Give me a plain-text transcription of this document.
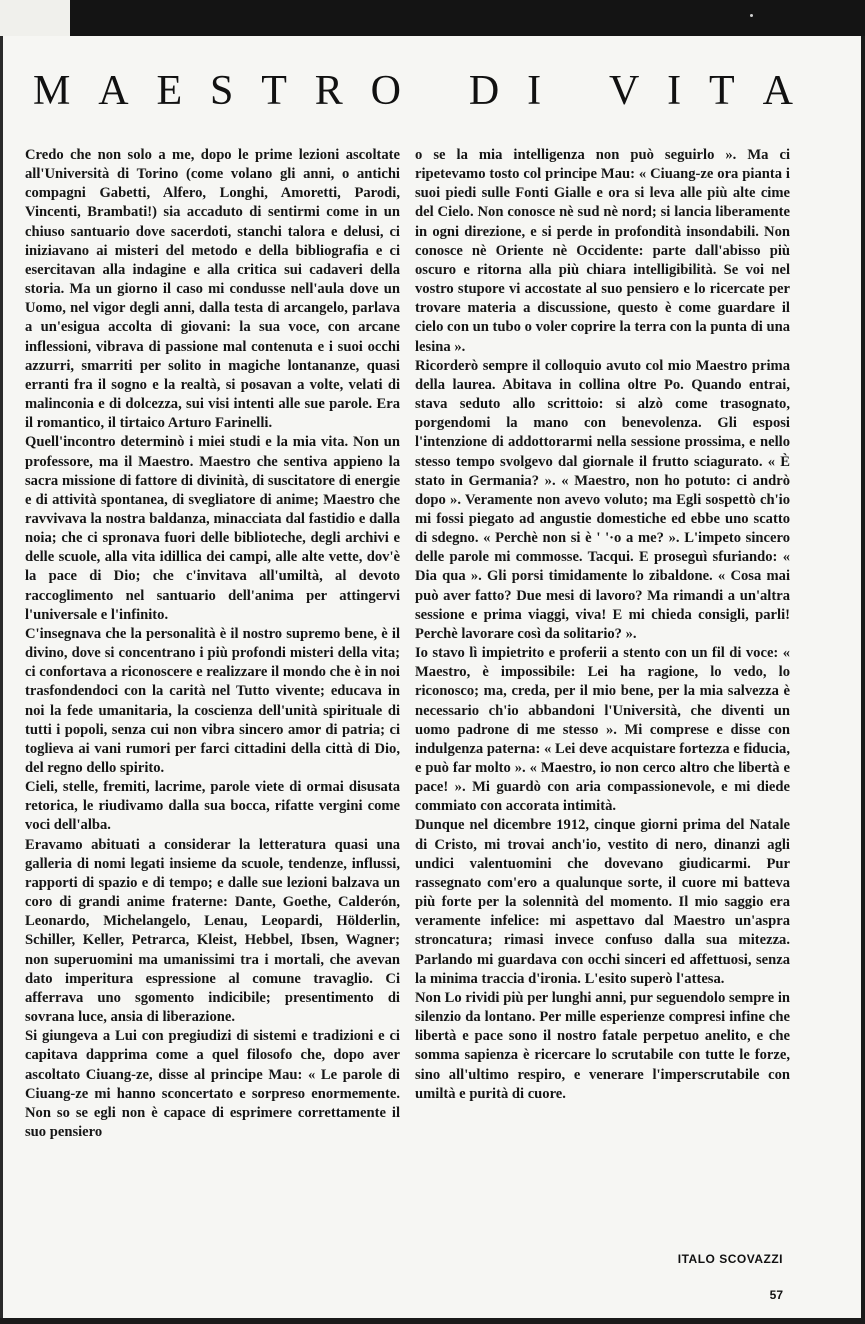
M A E S T R O D I V I T A

Credo che non solo a me, dopo le prime lezioni ascoltate all'Università di Torino (come volano gli anni, o antichi compagni Gabetti, Alfero, Longhi, Amoretti, Parodi, Vincenti, Brambati!) sia accaduto di sentirmi come in un chiuso santuario dove sacerdoti, stanchi talora e delusi, ci iniziavano ai misteri del metodo e della bibliografia e ci esercitavan alla indagine e alla critica sui cadaveri della storia. Ma un giorno il caso mi condusse nell'aula dove un Uomo, nel vigor degli anni, dalla testa di arcangelo, parlava a un'esigua accolta di giovani: la sua voce, con arcane inflessioni, vibrava di passione mal contenuta e i suoi occhi azzurri, smarriti per solito in magiche lontananze, quasi erranti fra il sogno e la realtà, si posavan a volte, velati di malinconia e di dolcezza, sui visi intenti alle sue parole. Era il romantico, il tirtaico Arturo Farinelli.

Quell'incontro determinò i miei studi e la mia vita. Non un professore, ma il Maestro. Maestro che sentiva appieno la sacra missione di fattore di divinità, di suscitatore di energie e di attività spontanea, di svegliatore di anime; Maestro che ravvivava la nostra baldanza, minacciata dal fastidio e dalla noia; che ci spronava fuori delle biblioteche, degli archivi e delle scuole, alla vita idillica dei campi, alle alte vette, dov'è la pace di Dio; che c'invitava all'umiltà, al devoto raccoglimento nel santuario dell'anima per attingervi l'universale e l'infinito.

C'insegnava che la personalità è il nostro supremo bene, è il divino, dove si concentrano i più profondi misteri della vita; ci confortava a riconoscere e realizzare il mondo che è in noi trasfondendoci con la carità nel Tutto vivente; educava in noi la fede umanitaria, la coscienza dell'unità spirituale di tutti i popoli, senza cui non vibra sincero amor di patria; ci toglieva ai vani rumori per farci cittadini della città di Dio, del regno dello spirito.

Cieli, stelle, fremiti, lacrime, parole viete di ormai disusata retorica, le riudivamo dalla sua bocca, rifatte vergini come voci dell'alba.

Eravamo abituati a considerar la letteratura quasi una galleria di nomi legati insieme da scuole, tendenze, influssi, rapporti di spazio e di tempo; e dalle sue lezioni balzava un coro di grandi anime fraterne: Dante, Goethe, Calderón, Leonardo, Michelangelo, Lenau, Leopardi, Hölderlin, Schiller, Keller, Petrarca, Kleist, Hebbel, Ibsen, Wagner; non superuomini ma umanissimi tra i mortali, che avevan dato imperitura espressione al comune travaglio. Ci afferrava uno sgomento indicibile; presentimento di sovrana luce, ansia di liberazione.

Si giungeva a Lui con pregiudizi di sistemi e tradizioni e ci capitava dapprima come a quel filosofo che, dopo aver ascoltato Ciuang-ze, disse al principe Mau: « Le parole di Ciuang-ze mi hanno sconcertato e sorpreso enormemente. Non so se egli non è capace di esprimere correttamente il suo pensiero

o se la mia intelligenza non può seguirlo ». Ma ci ripetevamo tosto col principe Mau: « Ciuang-ze ora pianta i suoi piedi sulle Fonti Gialle e ora si leva alle più alte cime del Cielo. Non conosce nè sud nè nord; si lancia liberamente in ogni direzione, e si perde in profondità insondabili. Non conosce nè Oriente nè Occidente: parte dall'abisso più oscuro e ritorna alla più chiara intelligibilità. Se voi nel vostro stupore vi accostate al suo pensiero e lo ricercate per trovare materia a discussione, questo è come guardare il cielo con un tubo o voler coprire la terra con la punta di una lesina ».

Ricorderò sempre il colloquio avuto col mio Maestro prima della laurea. Abitava in collina oltre Po. Quando entrai, stava seduto allo scrittoio: si alzò come trasognato, porgendomi la mano con benevolenza. Gli esposi l'intenzione di addottorarmi nella sessione prossima, e nello stesso tempo svolgevo dal giornale il frutto sciagurato. « È stato in Germania? ». « Maestro, non ho potuto: ci andrò dopo ». Veramente non avevo voluto; ma Egli sospettò ch'io mi fossi piegato ad angustie domestiche ed ebbe uno scatto di sdegno. « Perchè non si è ' '·o a me? ». L'impeto sincero delle parole mi commosse. Tacqui. E proseguì sfuriando: « Dia qua ». Gli porsi timidamente lo zibaldone. « Cosa mai può aver fatto? Due mesi di lavoro? Ma rimandi a un'altra sessione e prima viaggi, viva! E mi chieda consigli, parli! Perchè lavorare così da solitario? ».

Io stavo lì impietrito e proferii a stento con un fil di voce: « Maestro, è impossibile: Lei ha ragione, lo vedo, lo riconosco; ma, creda, per il mio bene, per la mia salvezza è necessario ch'io abbandoni l'Università, che diventi un uomo padrone di me stesso ». Mi comprese e disse con indulgenza paterna: « Lei deve acquistare fortezza e fiducia, e può far molto ». « Maestro, io non cerco altro che libertà e pace! ». Mi guardò con aria compassionevole, e mi diede commiato con accorata intimità.

Dunque nel dicembre 1912, cinque giorni prima del Natale di Cristo, mi trovai anch'io, vestito di nero, dinanzi agli undici valentuomini che dovevano giudicarmi. Pur rassegnato com'ero a qualunque sorte, il cuore mi batteva più forte per la solennità del momento. Il mio saggio era veramente infelice: mi aspettavo dal Maestro un'aspra stroncatura; rimasi invece confuso dalla sua mitezza. Parlando mi guardava con occhi sinceri ed affettuosi, senza la minima traccia d'ironia. L'esito superò l'attesa.

Non Lo rividi più per lunghi anni, pur seguendolo sempre in silenzio da lontano. Per mille esperienze compresi infine che libertà e pace sono il nostro fatale perpetuo anelito, e che somma sapienza è ricercare lo scrutabile con tutte le forze, sino all'ultimo respiro, e venerare l'imperscrutabile con umiltà e purità di cuore.

ITALO SCOVAZZI

57
